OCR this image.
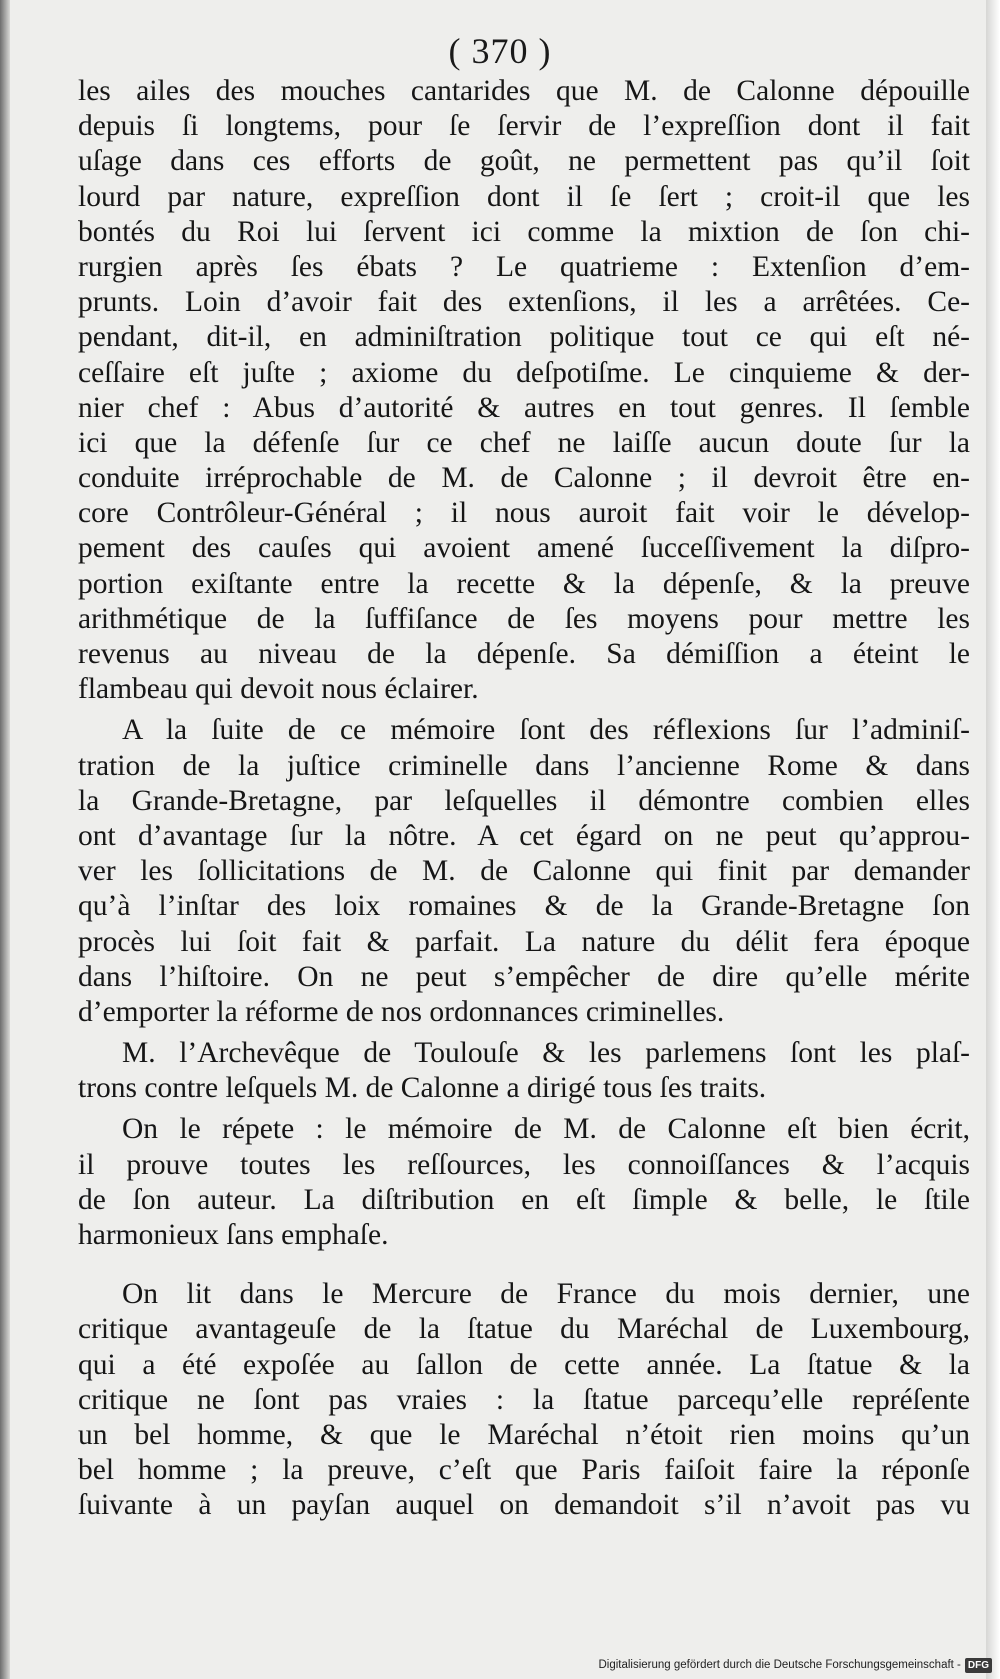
( 370 )
les ailes des mouches cantarides que M. de Calonne dépouille
depuis ſi longtems, pour ſe ſervir de l’expreſſion dont il fait
uſage dans ces efforts de goût, ne permettent pas qu’il ſoit
lourd par nature, expreſſion dont il ſe ſert ; croit-il que les
bontés du Roi lui ſervent ici comme la mixtion de ſon chi-
rurgien après ſes ébats ? Le quatrieme : Extenſion d’em-
prunts. Loin d’avoir fait des extenſions, il les a arrêtées. Ce-
pendant, dit-il, en adminiſtration politique tout ce qui eſt né-
ceſſaire eſt juſte ; axiome du deſpotiſme. Le cinquieme & der-
nier chef : Abus d’autorité & autres en tout genres. Il ſemble
ici que la défenſe ſur ce chef ne laiſſe aucun doute ſur la
conduite irréprochable de M. de Calonne ; il devroit être en-
core Contrôleur-Général ; il nous auroit fait voir le dévelop-
pement des cauſes qui avoient amené ſucceſſivement la diſpro-
portion exiſtante entre la recette & la dépenſe, & la preuve
arithmétique de la ſuffiſance de ſes moyens pour mettre les
revenus au niveau de la dépenſe. Sa démiſſion a éteint le
flambeau qui devoit nous éclairer.
A la ſuite de ce mémoire ſont des réflexions ſur l’adminiſ-
tration de la juſtice criminelle dans l’ancienne Rome & dans
la Grande-Bretagne, par leſquelles il démontre combien elles
ont d’avantage ſur la nôtre. A cet égard on ne peut qu’approu-
ver les ſollicitations de M. de Calonne qui finit par demander
qu’à l’inſtar des loix romaines & de la Grande-Bretagne ſon
procès lui ſoit fait & parfait. La nature du délit fera époque
dans l’hiſtoire. On ne peut s’empêcher de dire qu’elle mérite
d’emporter la réforme de nos ordonnances criminelles.
M. l’Archevêque de Toulouſe & les parlemens ſont les plaſ-
trons contre leſquels M. de Calonne a dirigé tous ſes traits.
On le répete : le mémoire de M. de Calonne eſt bien écrit,
il prouve toutes les reſſources, les connoiſſances & l’acquis
de ſon auteur. La diſtribution en eſt ſimple & belle, le ſtile
harmonieux ſans emphaſe.
On lit dans le Mercure de France du mois dernier, une
critique avantageuſe de la ſtatue du Maréchal de Luxembourg,
qui a été expoſée au ſallon de cette année. La ſtatue & la
critique ne ſont pas vraies : la ſtatue parcequ’elle repréſente
un bel homme, & que le Maréchal n’étoit rien moins qu’un
bel homme ; la preuve, c’eſt que Paris faiſoit faire la réponſe
ſuivante à un payſan auquel on demandoit s’il n’avoit pas vu
Digitalisierung gefördert durch die Deutsche Forschungsgemeinschaft - DFG
